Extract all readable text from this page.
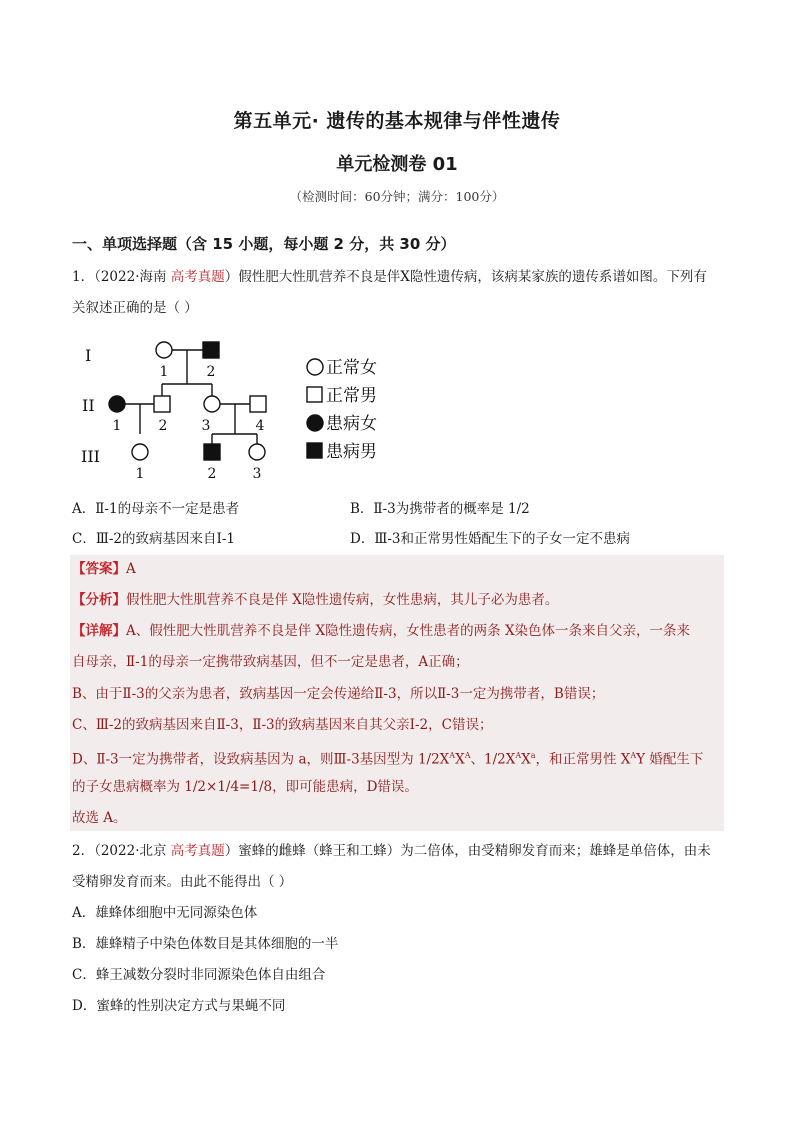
第五单元· 遗传的基本规律与伴性遗传
单元检测卷 01
（检测时间：60分钟；满分：100分）
一、单项选择题（含 15 小题，每小题 2 分，共 30 分）
1．（2022·海南 高考真题）假性肥大性肌营养不良是伴X隐性遗传病，该病某家族的遗传系谱如图。下列有
关叙述正确的是（ ）
I
II
III
1	2
1	2 3	4
1	2	3
正常女
正常男
患病女
患病男
A．Ⅱ-1的母亲不一定是患者	B．Ⅱ-3为携带者的概率是 1/2
C．Ⅲ-2的致病基因来自Ⅰ-1	D．Ⅲ-3和正常男性婚配生下的子女一定不患病
【答案】A
【分析】假性肥大性肌营养不良是伴 X隐性遗传病，女性患病，其儿子必为患者。
【详解】A、假性肥大性肌营养不良是伴 X隐性遗传病，女性患者的两条 X染色体一条来自父亲，一条来
自母亲，Ⅱ-1的母亲一定携带致病基因，但不一定是患者，A正确；
B、由于Ⅱ-3的父亲为患者，致病基因一定会传递给Ⅱ-3，所以Ⅱ-3一定为携带者，B错误；
C、Ⅲ-2的致病基因来自Ⅱ-3，Ⅱ-3的致病基因来自其父亲Ⅰ-2，C错误；
D、Ⅱ-3一定为携带者，设致病基因为 a，则Ⅲ-3基因型为 $1/2X^AX^A$、$1/2X^AX^a$，和正常男性 $X^AY$ 婚配生下
的子女患病概率为 1/2×1/4=1/8，即可能患病，D错误。
故选 A。
2．（2022·北京 高考真题）蜜蜂的雌蜂（蜂王和工蜂）为二倍体，由受精卵发育而来；雄蜂是单倍体，由未
受精卵发育而来。由此不能得出（ ）
A．雄蜂体细胞中无同源染色体
B．雄蜂精子中染色体数目是其体细胞的一半
C．蜂王减数分裂时非同源染色体自由组合
D．蜜蜂的性别决定方式与果蝇不同
